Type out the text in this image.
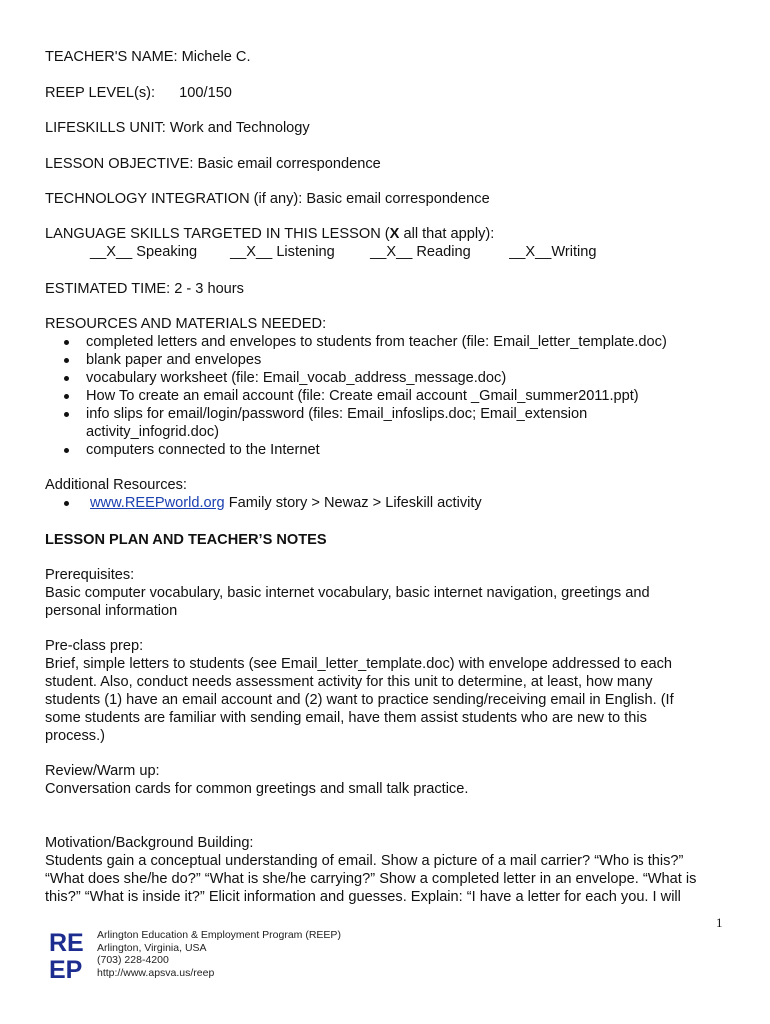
TEACHER'S NAME: Michele C.

REEP LEVEL(s): 100/150

LIFESKILLS UNIT: Work and Technology

LESSON OBJECTIVE: Basic email correspondence

TECHNOLOGY INTEGRATION (if any): Basic email correspondence

LANGUAGE SKILLS TARGETED IN THIS LESSON (X all that apply):

__X__ Speaking __X__ Listening __X__ Reading	__X__Writing

ESTIMATED TIME: 2 - 3 hours

RESOURCES AND MATERIALS NEEDED:

completed letters and envelopes to students from teacher (file: Email_letter_template.doc)
blank paper and envelopes
vocabulary worksheet (file: Email_vocab_address_message.doc)
How To create an email account (file: Create email account _Gmail_summer2011.ppt)
info slips for email/login/password (files: Email_infoslips.doc; Email_extension activity_infogrid.doc)
computers connected to the Internet

Additional Resources:

www.REEPworld.org Family story > Newaz > Lifeskill activity

LESSON PLAN AND TEACHER’S NOTES

Prerequisites:

Basic computer vocabulary, basic internet vocabulary, basic internet navigation, greetings and personal information

Pre-class prep:

Brief, simple letters to students (see Email_letter_template.doc) with envelope addressed to each student. Also, conduct needs assessment activity for this unit to determine, at least, how many students (1) have an email account and (2) want to practice sending/receiving email in English. (If some students are familiar with sending email, have them assist students who are new to this process.)

Review/Warm up:

Conversation cards for common greetings and small talk practice.

Motivation/Background Building:

Students gain a conceptual understanding of email. Show a picture of a mail carrier? “Who is this?” “What does she/he do?” “What is she/he carrying?” Show a completed letter in an envelope. “What is this?” “What is inside it?” Elicit information and guesses. Explain: “I have a letter for each you. I will

1
RE
EP
Arlington Education & Employment Program (REEP)
Arlington, Virginia, USA
(703) 228-4200
http://www.apsva.us/reep
